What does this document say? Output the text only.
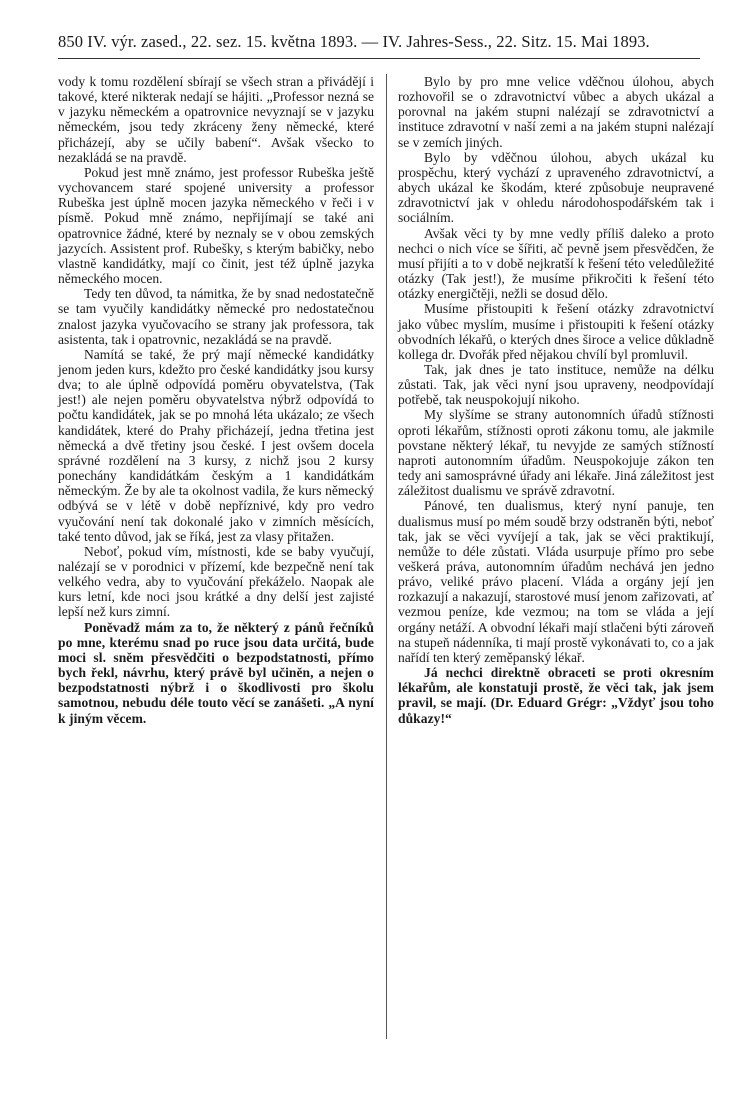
850 IV. výr. zased., 22. sez. 15. května 1893. — IV. Jahres-Sess., 22. Sitz. 15. Mai 1893.

vody k tomu rozdělení sbírají se všech stran a přivádějí i takové, které nikterak nedají se hájiti. „Professor nezná se v jazyku německém a opatrovnice nevyznají se v jazyku německém, jsou tedy zkráceny ženy německé, které přicházejí, aby se učily babení“. Avšak všecko to nezakládá se na pravdě.

Pokud jest mně známo, jest professor Rubeška ještě vychovancem staré spojené university a professor Rubeška jest úplně mocen jazyka německého v řeči i v písmě. Pokud mně známo, nepřijímají se také ani opatrovnice žádné, které by neznaly se v obou zemských jazycích. Assistent prof. Rubešky, s kterým babičky, nebo vlastně kandidátky, mají co činit, jest též úplně jazyka německého mocen.

Tedy ten důvod, ta námitka, že by snad nedostatečně se tam vyučily kandidátky německé pro nedostatečnou znalost jazyka vyučovacího se strany jak professora, tak asistenta, tak i opatrovnic, nezakládá se na pravdě.

Namítá se také, že prý mají německé kandidátky jenom jeden kurs, kdežto pro české kandidátky jsou kursy dva; to ale úplně odpovídá poměru obyvatelstva, (Tak jest!) ale nejen poměru obyvatelstva nýbrž odpovídá to počtu kandidátek, jak se po mnohá léta ukázalo; ze všech kandidátek, které do Prahy přicházejí, jedna třetina jest německá a dvě třetiny jsou české. I jest ovšem docela správné rozdělení na 3 kursy, z nichž jsou 2 kursy ponechány kandidátkám českým a 1 kandidátkám německým. Že by ale ta okolnost vadila, že kurs německý odbývá se v létě v době nepříznivé, kdy pro vedro vyučování není tak dokonalé jako v zimních měsících, také tento důvod, jak se říká, jest za vlasy přitažen.

Neboť, pokud vím, místnosti, kde se baby vyučují, nalézají se v porodnici v přízemí, kde bezpečně není tak velkého vedra, aby to vyučování překáželo. Naopak ale kurs letní, kde noci jsou krátké a dny delší jest zajisté lepší než kurs zimní.

Poněvadž mám za to, že některý z pánů řečníků po mne, kterému snad po ruce jsou data určitá, bude moci sl. sněm přesvědčiti o bezpodstatnosti, přímo bych řekl, návrhu, který právě byl učiněn, a nejen o bezpodstatnosti nýbrž i o škodlivosti pro školu samotnou, nebudu déle touto věcí se zanášeti. „A nyní k jiným věcem.

Bylo by pro mne velice vděčnou úlohou, abych rozhovořil se o zdravotnictví vůbec a abych ukázal a porovnal na jakém stupni nalézají se zdravotnictví a instituce zdravotní v naší zemi a na jakém stupni nalézají se v zemích jiných.

Bylo by vděčnou úlohou, abych ukázal ku prospěchu, který vychází z upraveného zdravotnictví, a abych ukázal ke škodám, které způsobuje neupravené zdravotnictví jak v ohledu národohospodářském tak i sociálním.

Avšak věci ty by mne vedly příliš daleko a proto nechci o nich více se šířiti, ač pevně jsem přesvědčen, že musí přijíti a to v době nejkratší k řešení této veledůležité otázky (Tak jest!), že musíme přikročiti k řešení této otázky energičtěji, nežli se dosud dělo.

Musíme přistoupiti k řešení otázky zdravotnictví jako vůbec myslím, musíme i přistoupiti k řešení otázky obvodních lékařů, o kterých dnes široce a velice důkladně kollega dr. Dvořák před nějakou chvílí byl promluvil.

Tak, jak dnes je tato instituce, nemůže na délku zůstati. Tak, jak věci nyní jsou upraveny, neodpovídají potřebě, tak neuspokojují nikoho.

My slyšíme se strany autonomních úřadů stížnosti oproti lékařům, stížnosti oproti zákonu tomu, ale jakmile povstane některý lékař, tu nevyjde ze samých stížností naproti autonomním úřadům. Neuspokojuje zákon ten tedy ani samosprávné úřady ani lékaře. Jiná záležitost jest záležitost dualismu ve správě zdravotní.

Pánové, ten dualismus, který nyní panuje, ten dualismus musí po mém soudě brzy odstraněn býti, neboť tak, jak se věci vyvíjejí a tak, jak se věci praktikují, nemůže to déle zůstati. Vláda usurpuje přímo pro sebe veškerá práva, autonomním úřadům nechává jen jedno právo, veliké právo placení. Vláda a orgány její jen rozkazují a nakazují, starostové musí jenom zařizovati, ať vezmou peníze, kde vezmou; na tom se vláda a její orgány netáží. A obvodní lékaři mají stlačeni býti zároveň na stupeň nádenníka, ti mají prostě vykonávati to, co a jak nařídí ten který zeměpanský lékař.

Já nechci direktně obraceti se proti okresním lékařům, ale konstatuji prostě, že věci tak, jak jsem pravil, se mají. (Dr. Eduard Grégr: „Vždyť jsou toho důkazy!“
